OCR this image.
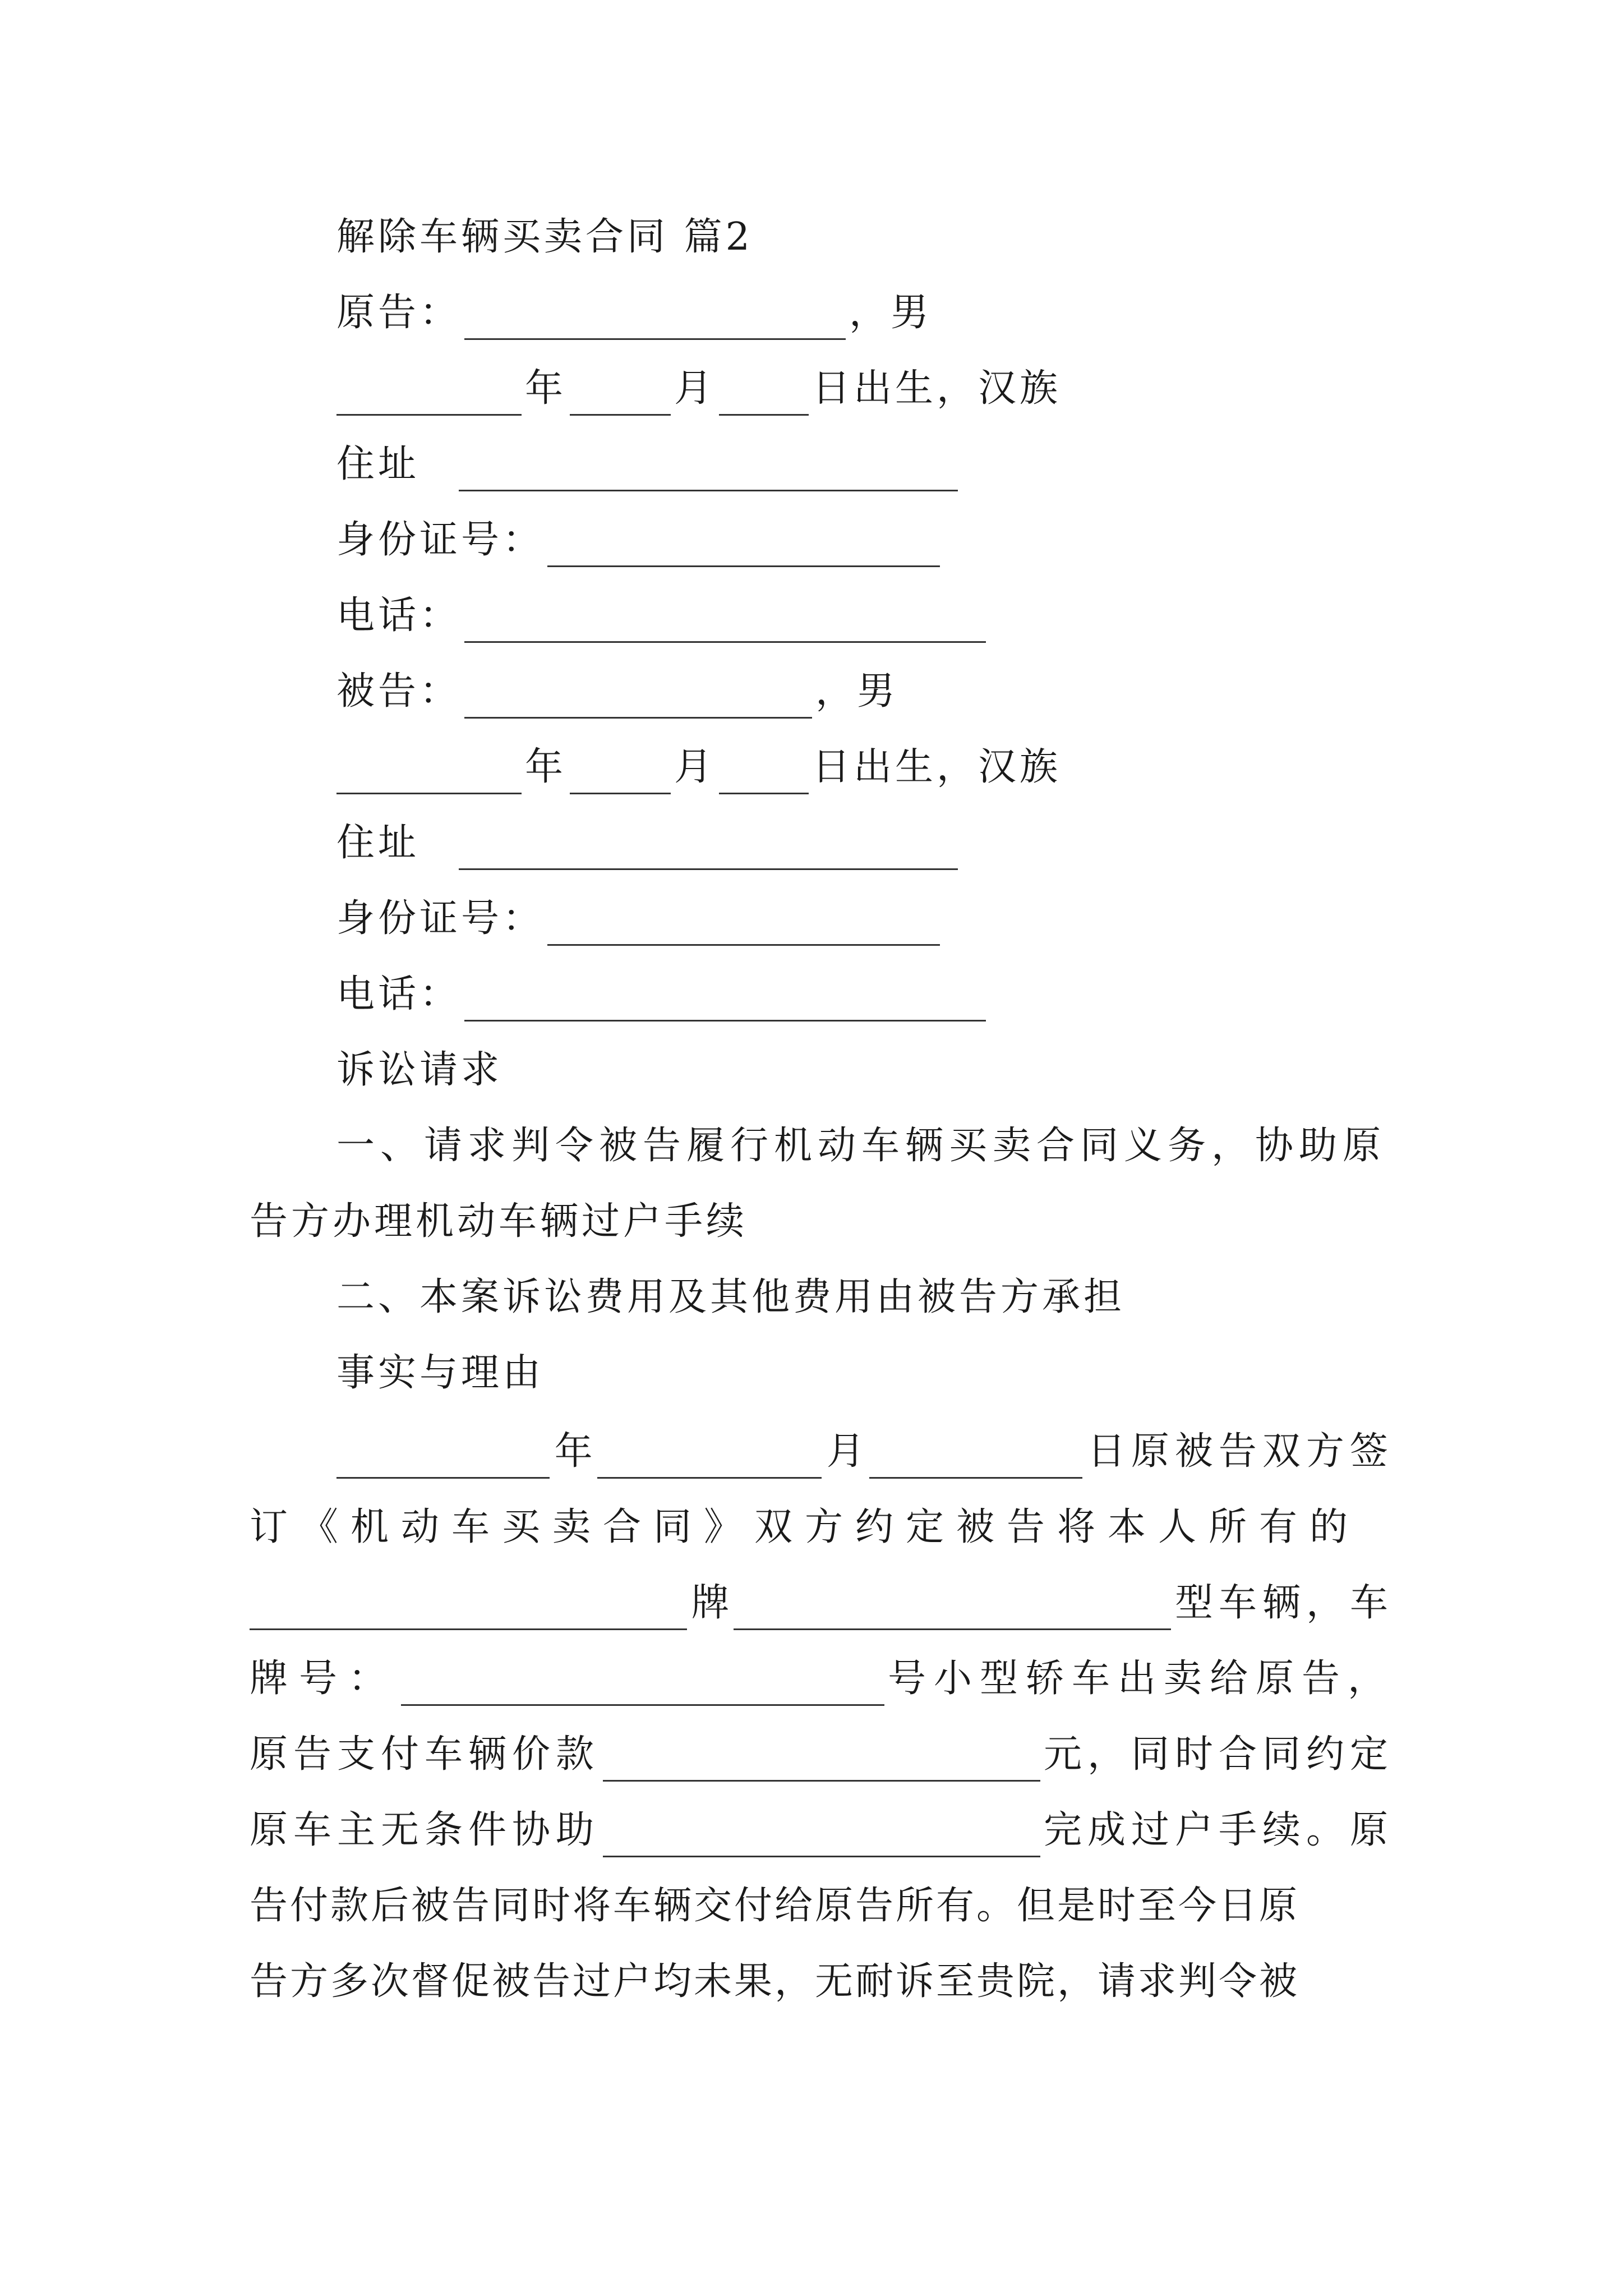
解除车辆买卖合同 篇2
原告：	，男
年	月	日出生，汉族
住址
身份证号：
电话：
被告：	，男
年	月	日出生，汉族
住址
身份证号：
电话：
诉讼请求
一、请求判令被告履行机动车辆买卖合同义务，协助原
告方办理机动车辆过户手续
二、本案诉讼费用及其他费用由被告方承担
事实与理由
年	月	日原被告双方签
订《机动车买卖合同》双方约定被告将本人所有的
牌	型车辆，车
牌号：	号小型轿车出卖给原告，
原告支付车辆价款	元，同时合同约定
原车主无条件协助	完成过户手续。原
告付款后被告同时将车辆交付给原告所有。但是时至今日原
告方多次督促被告过户均未果，无耐诉至贵院，请求判令被
